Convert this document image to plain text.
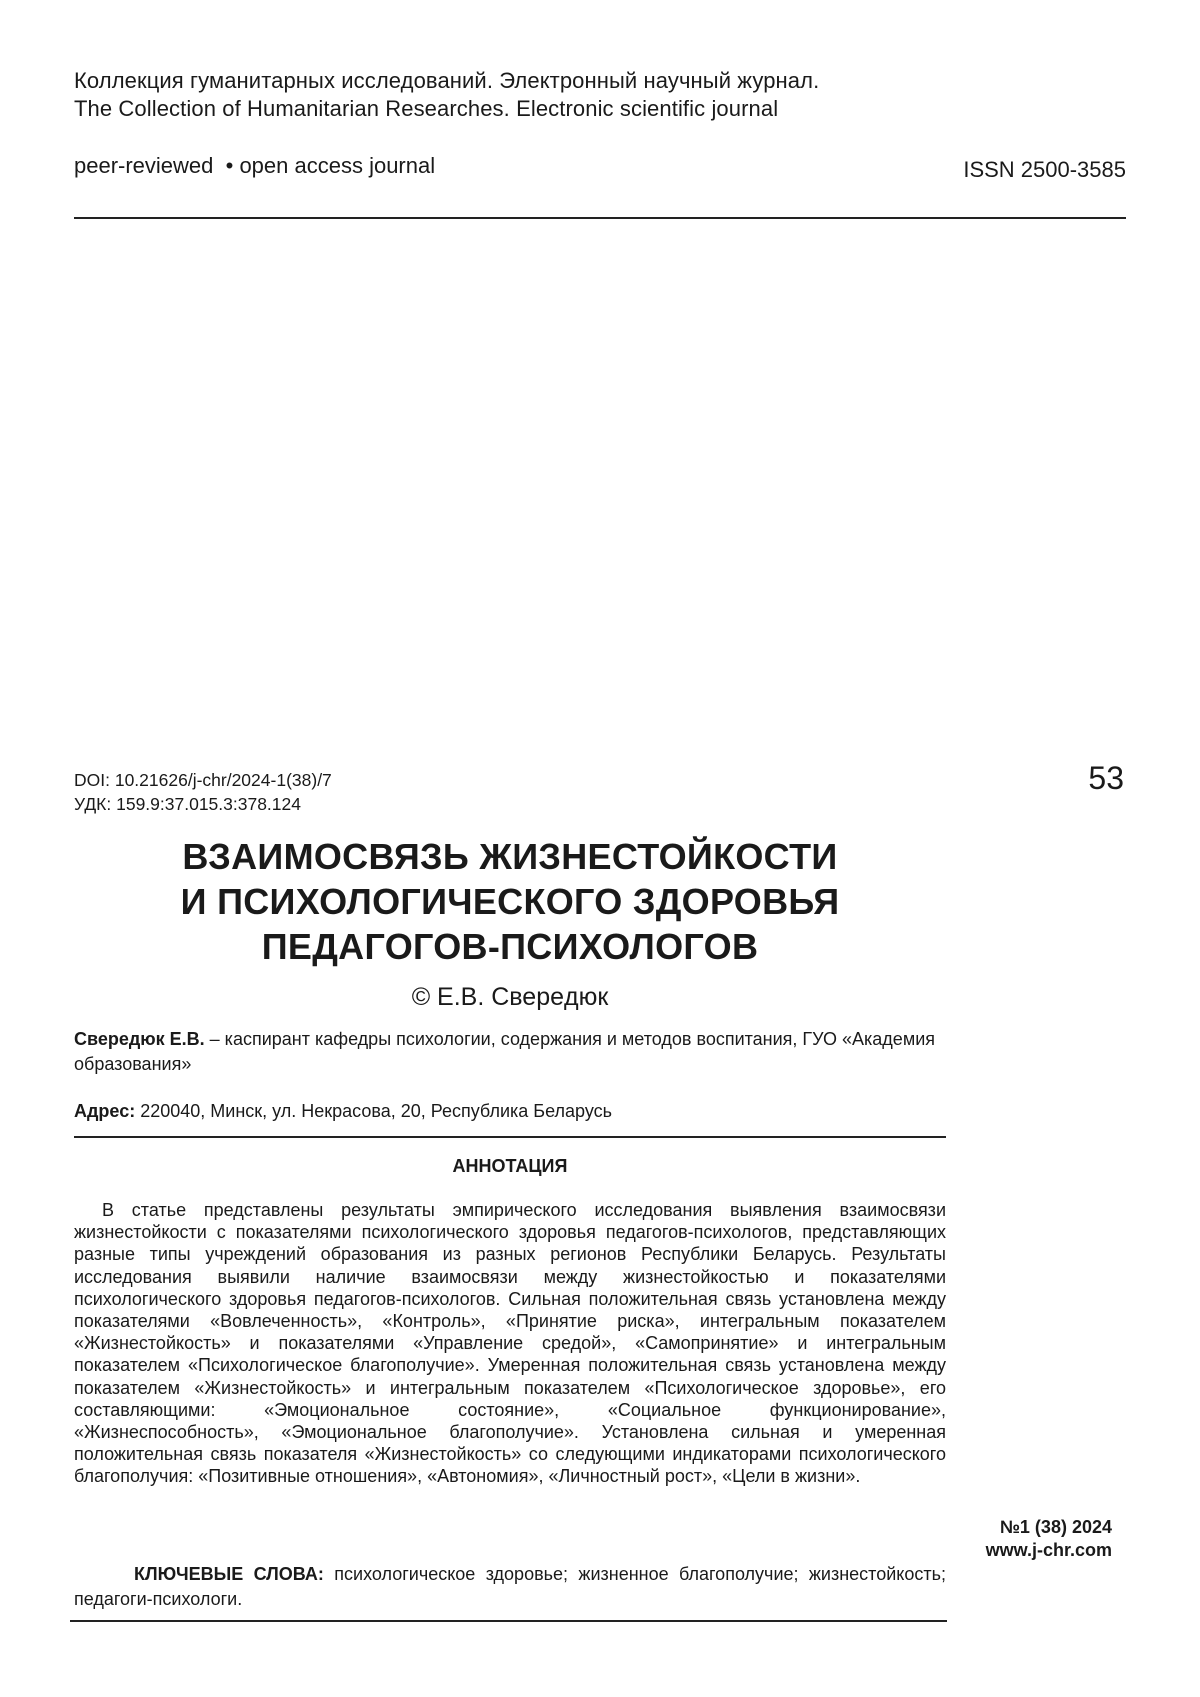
Коллекция гуманитарных исследований. Электронный научный журнал.
The Collection of Humanitarian Researches. Electronic scientific journal
peer-reviewed  • open access journal	ISSN 2500-3585
DOI: 10.21626/j-chr/2024-1(38)/7
УДК: 159.9:37.015.3:378.124
53
ВЗАИМОСВЯЗЬ ЖИЗНЕСТОЙКОСТИ
И ПСИХОЛОГИЧЕСКОГО ЗДОРОВЬЯ
ПЕДАГОГОВ-ПСИХОЛОГОВ
© Е.В. Сверeдюк
Сверeдюк Е.В. – каспирант кафедры психологии, содержания и методов воспитания, ГУО «Академия образования»
Адрес: 220040, Минск, ул. Некрасова, 20, Республика Беларусь
АННОТАЦИЯ
В статье представлены результаты эмпирического исследования выявления взаимосвязи жизнестойкости с показателями психологического здоровья педагогов-психологов, представляющих разные типы учреждений образования из разных регионов Республики Беларусь. Результаты исследования выявили наличие взаимосвязи между жизнестойкостью и показателями психологического здоровья педагогов-психологов. Сильная положительная связь установлена между показателями «Вовлеченность», «Контроль», «Принятие риска», интегральным показателем «Жизнестойкость» и показателями «Управление средой», «Самопринятие» и интегральным показателем «Психологическое благополучие». Умеренная положительная связь установлена между показателем «Жизнестойкость» и интегральным показателем «Психологическое здоровье», его составляющими: «Эмоциональное состояние», «Социальное функционирование», «Жизнеспособность», «Эмоциональное благополучие». Установлена сильная и умеренная положительная связь показателя «Жизнестойкость» со следующими индикаторами психологического благополучия: «Позитивные отношения», «Автономия», «Личностный рост», «Цели в жизни».
КЛЮЧЕВЫЕ СЛОВА: психологическое здоровье; жизненное благополучие; жизнестойкость; педагоги-психологи.
№1 (38) 2024
www.j-chr.com
